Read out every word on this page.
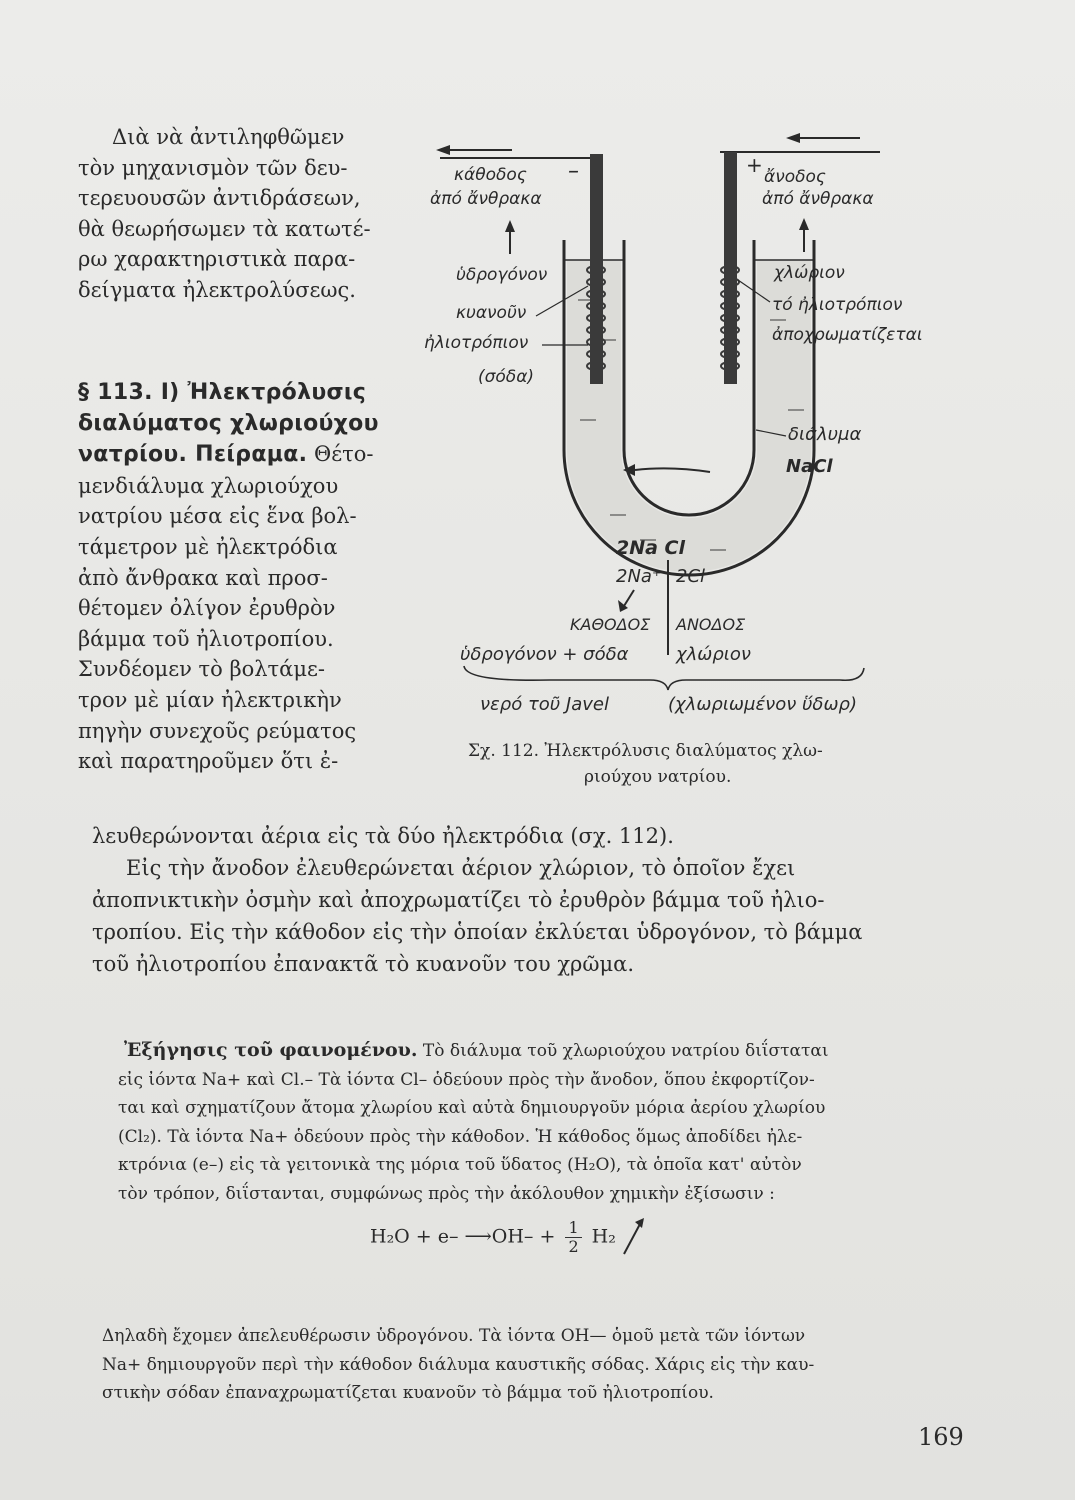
Διὰ νὰ ἀντιληφθῶμεν
τὸν μηχανισμὸν τῶν δευ-
τερευουσῶν ἀντιδράσεων,
θὰ θεωρήσωμεν τὰ κατωτέ-
ρω χαρακτηριστικὰ παρα-
δείγματα ἠλεκτρολύσεως.
§ 113. I) Ἠλεκτρόλυσις
διαλύματος χλωριούχου
νατρίου. Πείραμα. Θέτο-
μενδιάλυμα χλωριούχου
νατρίου μέσα εἰς ἕνα βολ-
τάμετρον μὲ ἠλεκτρόδια
ἀπὸ ἄνθρακα καὶ προσ-
θέτομεν ὀλίγον ἐρυθρὸν
βάμμα τοῦ ἠλιοτροπίου.
Συνδέομεν τὸ βολτάμε-
τρον μὲ μίαν ἠλεκτρικὴν
πηγὴν συνεχοῦς ρεύματος
καὶ παρατηροῦμεν ὅτι ἐ-
–	+
κάθοδος
ἀπό ἄνθρακα
ὑδρογόνον
κυανοῦν
ἠλιοτρόπιον
(σόδα)
ἄνοδος
ἀπό ἄνθρακα
χλώριον
τό ἠλιοτρόπιον
ἀποχρωματίζεται
διάλυμα
NaCl
2Na Cl
2Na⁺ 2Cl⁻
ΚΑΘΟΔΟΣ ΑΝΟΔΟΣ
ὑδρογόνον + σόδα	χλώριον
νερό τοῦ Javel	(χλωριωμένον ὕδωρ)
Σχ. 112. Ἠλεκτρόλυσις διαλύματος χλω-
ριούχου νατρίου.
λευθερώνονται ἀέρια εἰς τὰ δύο ἠλεκτρόδια (σχ. 112).
Εἰς τὴν ἄνοδον ἐλευθερώνεται ἀέριον χλώριον, τὸ ὁποῖον ἔχει
ἀποπνικτικὴν ὀσμὴν καὶ ἀποχρωματίζει τὸ ἐρυθρὸν βάμμα τοῦ ἠλιο-
τροπίου. Εἰς τὴν κάθοδον εἰς τὴν ὁποίαν ἐκλύεται ὑδρογόνον, τὸ βάμμα
τοῦ ἠλιοτροπίου ἐπανακτᾶ τὸ κυανοῦν του χρῶμα.
Ἐξήγησις τοῦ φαινομένου. Τὸ διάλυμα τοῦ χλωριούχου νατρίου διΐσταται
εἰς ἰόντα Na+ καὶ Cl.– Τὰ ἰόντα Cl– ὁδεύουν πρὸς τὴν ἄνοδον, ὅπου ἐκφορτίζον-
ται καὶ σχηματίζουν ἄτομα χλωρίου καὶ αὐτὰ δημιουργοῦν μόρια ἀερίου χλωρίου
(Cl₂). Τὰ ἰόντα Na+ ὁδεύουν πρὸς τὴν κάθοδον. Ἡ κάθοδος ὅμως ἀποδίδει ἠλε-
κτρόνια (e–) εἰς τὰ γειτονικὰ της μόρια τοῦ ὕδατος (H₂O), τὰ ὁποῖα κατ' αὐτὸν
τὸν τρόπον, διΐστανται, συμφώνως πρὸς τὴν ἀκόλουθον χημικὴν ἐξίσωσιν :
H₂O + e– ⟶OH– + $\frac{1}{2} H_2$
Δηλαδὴ ἔχομεν ἀπελευθέρωσιν ὑδρογόνου. Τὰ ἰόντα OH— ὁμοῦ μετὰ τῶν ἰόντων
Na+ δημιουργοῦν περὶ τὴν κάθοδον διάλυμα καυστικῆς σόδας. Χάρις εἰς τὴν καυ-
στικὴν σόδαν ἐπαναχρωματίζεται κυανοῦν τὸ βάμμα τοῦ ἠλιοτροπίου.
169
